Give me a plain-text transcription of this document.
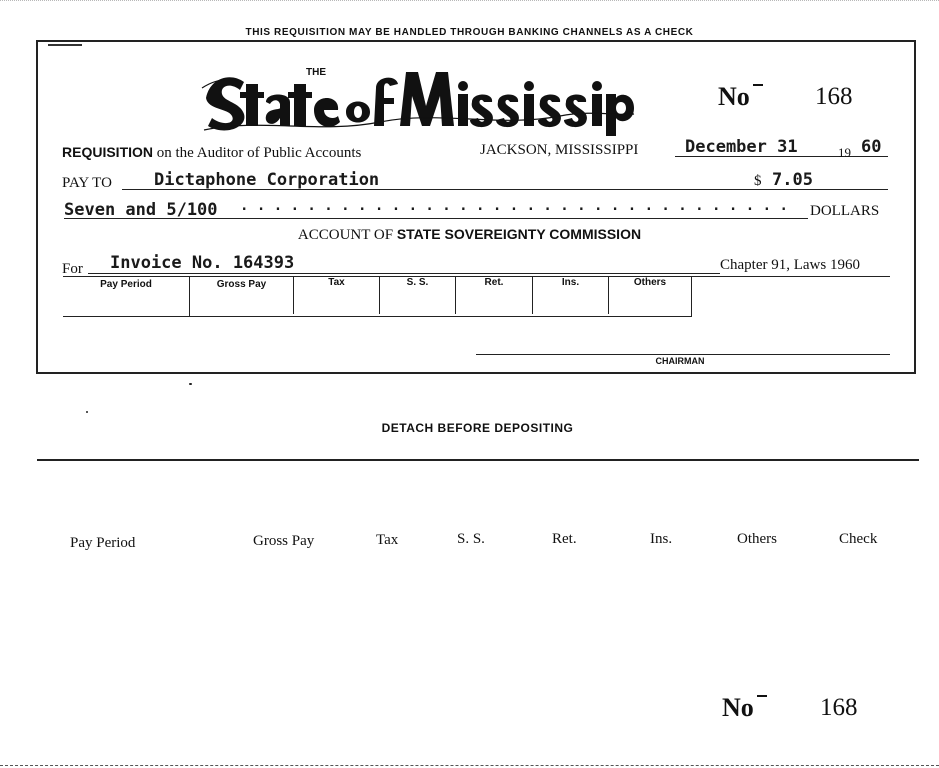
THIS REQUISITION MAY BE HANDLED THROUGH BANKING CHANNELS AS A CHECK
THE
No	168
REQUISITION on the Auditor of Public Accounts	JACKSON, MISSISSIPPI	December 31	19 60
PAY TO Dictaphone Corporation	$ 7.05
Seven and 5/100 . . . . . . . . . . . . . . . . . . . . . . . . . . . . . . . . . DOLLARS
ACCOUNT OF STATE SOVEREIGNTY COMMISSION
For Invoice No. 164393	Chapter 91, Laws 1960
Pay Period	Gross Pay	Tax	S. S.	Ret.	Ins.	Others
CHAIRMAN
DETACH BEFORE DEPOSITING
Pay Period	Gross Pay	Tax	S. S.	Ret.	Ins.	Others	Check
No	168
